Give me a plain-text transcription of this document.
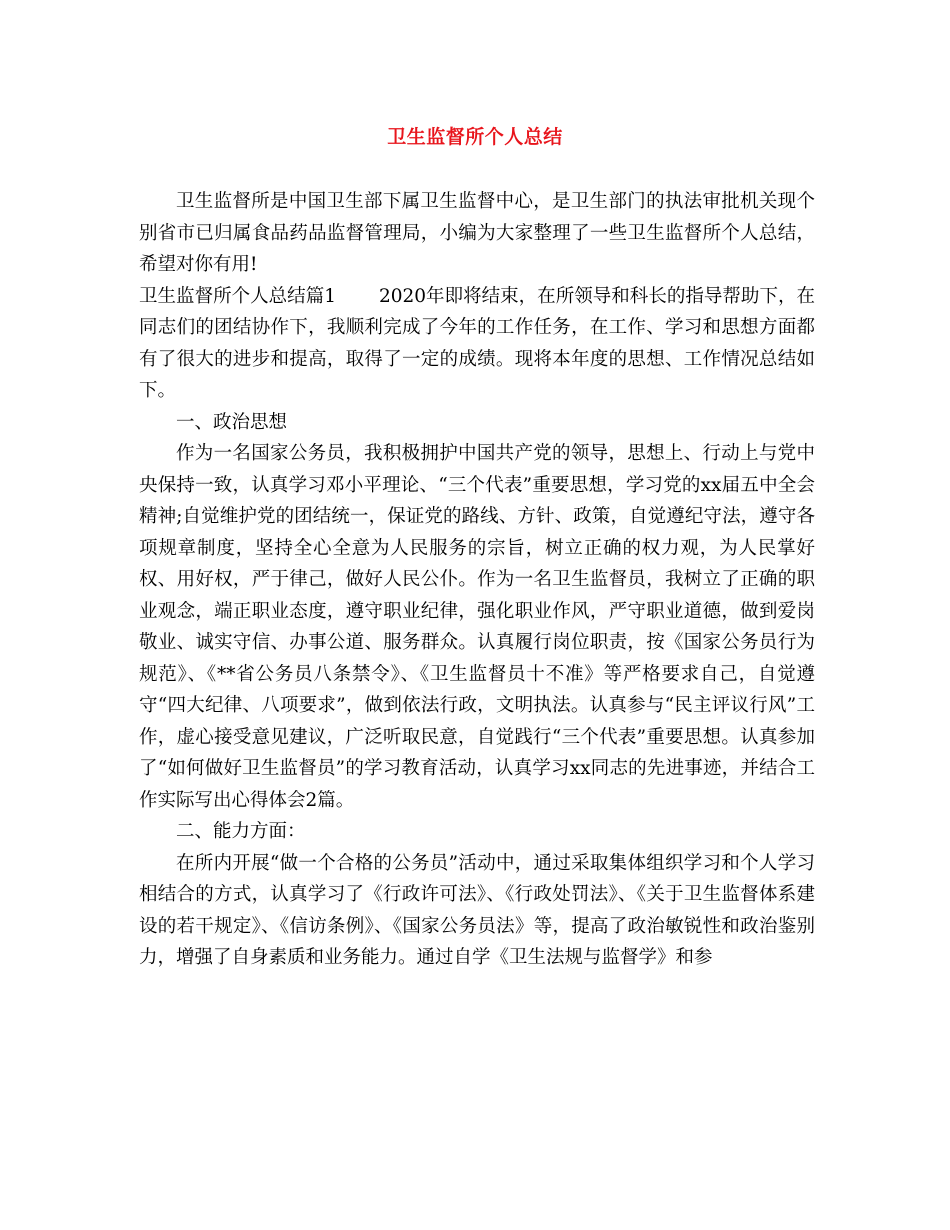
卫生监督所个人总结

卫生监督所是中国卫生部下属卫生监督中心，是卫生部门的执法审批机关现个别省市已归属食品药品监督管理局，小编为大家整理了一些卫生监督所个人总结，希望对你有用!

卫生监督所个人总结篇1　　 2020年即将结束，在所领导和科长的指导帮助下，在同志们的团结协作下，我顺利完成了今年的工作任务，在工作、学习和思想方面都有了很大的进步和提高，取得了一定的成绩。现将本年度的思想、工作情况总结如下。

一、政治思想

作为一名国家公务员，我积极拥护中国共产党的领导，思想上、行动上与党中央保持一致，认真学习邓小平理论、“三个代表”重要思想，学习党的xx届五中全会精神;自觉维护党的团结统一，保证党的路线、方针、政策，自觉遵纪守法，遵守各项规章制度，坚持全心全意为人民服务的宗旨，树立正确的权力观，为人民掌好权、用好权，严于律己，做好人民公仆。作为一名卫生监督员，我树立了正确的职业观念，端正职业态度，遵守职业纪律，强化职业作风，严守职业道德，做到爱岗敬业、诚实守信、办事公道、服务群众。认真履行岗位职责，按《国家公务员行为规范》、《**省公务员八条禁令》、《卫生监督员十不准》等严格要求自己，自觉遵守“四大纪律、八项要求”，做到依法行政，文明执法。认真参与“民主评议行风”工作，虚心接受意见建议，广泛听取民意，自觉践行“三个代表”重要思想。认真参加了“如何做好卫生监督员”的学习教育活动，认真学习xx同志的先进事迹，并结合工作实际写出心得体会2篇。

二、能力方面：

在所内开展“做一个合格的公务员”活动中，通过采取集体组织学习和个人学习相结合的方式，认真学习了《行政许可法》、《行政处罚法》、《关于卫生监督体系建设的若干规定》、《信访条例》、《国家公务员法》等，提高了政治敏锐性和政治鉴别力，增强了自身素质和业务能力。通过自学《卫生法规与监督学》和参
